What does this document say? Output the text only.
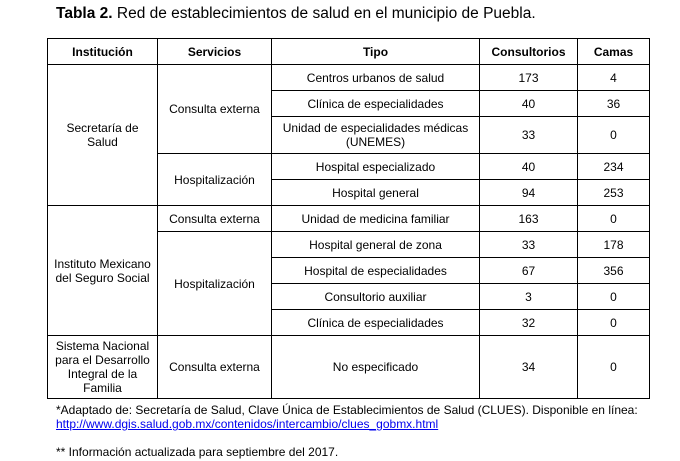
Tabla 2. Red de establecimientos de salud en el municipio de Puebla.
Institución	Servicios	Tipo	Consultorios	Camas
Secretaría de Salud	Consulta externa	Centros urbanos de salud	173	4
		Clínica de especialidades	40	36
		Unidad de especialidades médicas (UNEMES)	33	0
	Hospitalización	Hospital especializado	40	234
		Hospital general	94	253
Instituto Mexicano del Seguro Social	Consulta externa	Unidad de medicina familiar	163	0
	Hospitalización	Hospital general de zona	33	178
		Hospital de especialidades	67	356
		Consultorio auxiliar	3	0
		Clínica de especialidades	32	0
Sistema Nacional para el Desarrollo Integral de la Familia	Consulta externa	No especificado	34	0
*Adaptado de: Secretaría de Salud, Clave Única de Establecimientos de Salud (CLUES). Disponible en línea:
http://www.dgis.salud.gob.mx/contenidos/intercambio/clues_gobmx.html
** Información actualizada para septiembre del 2017.
